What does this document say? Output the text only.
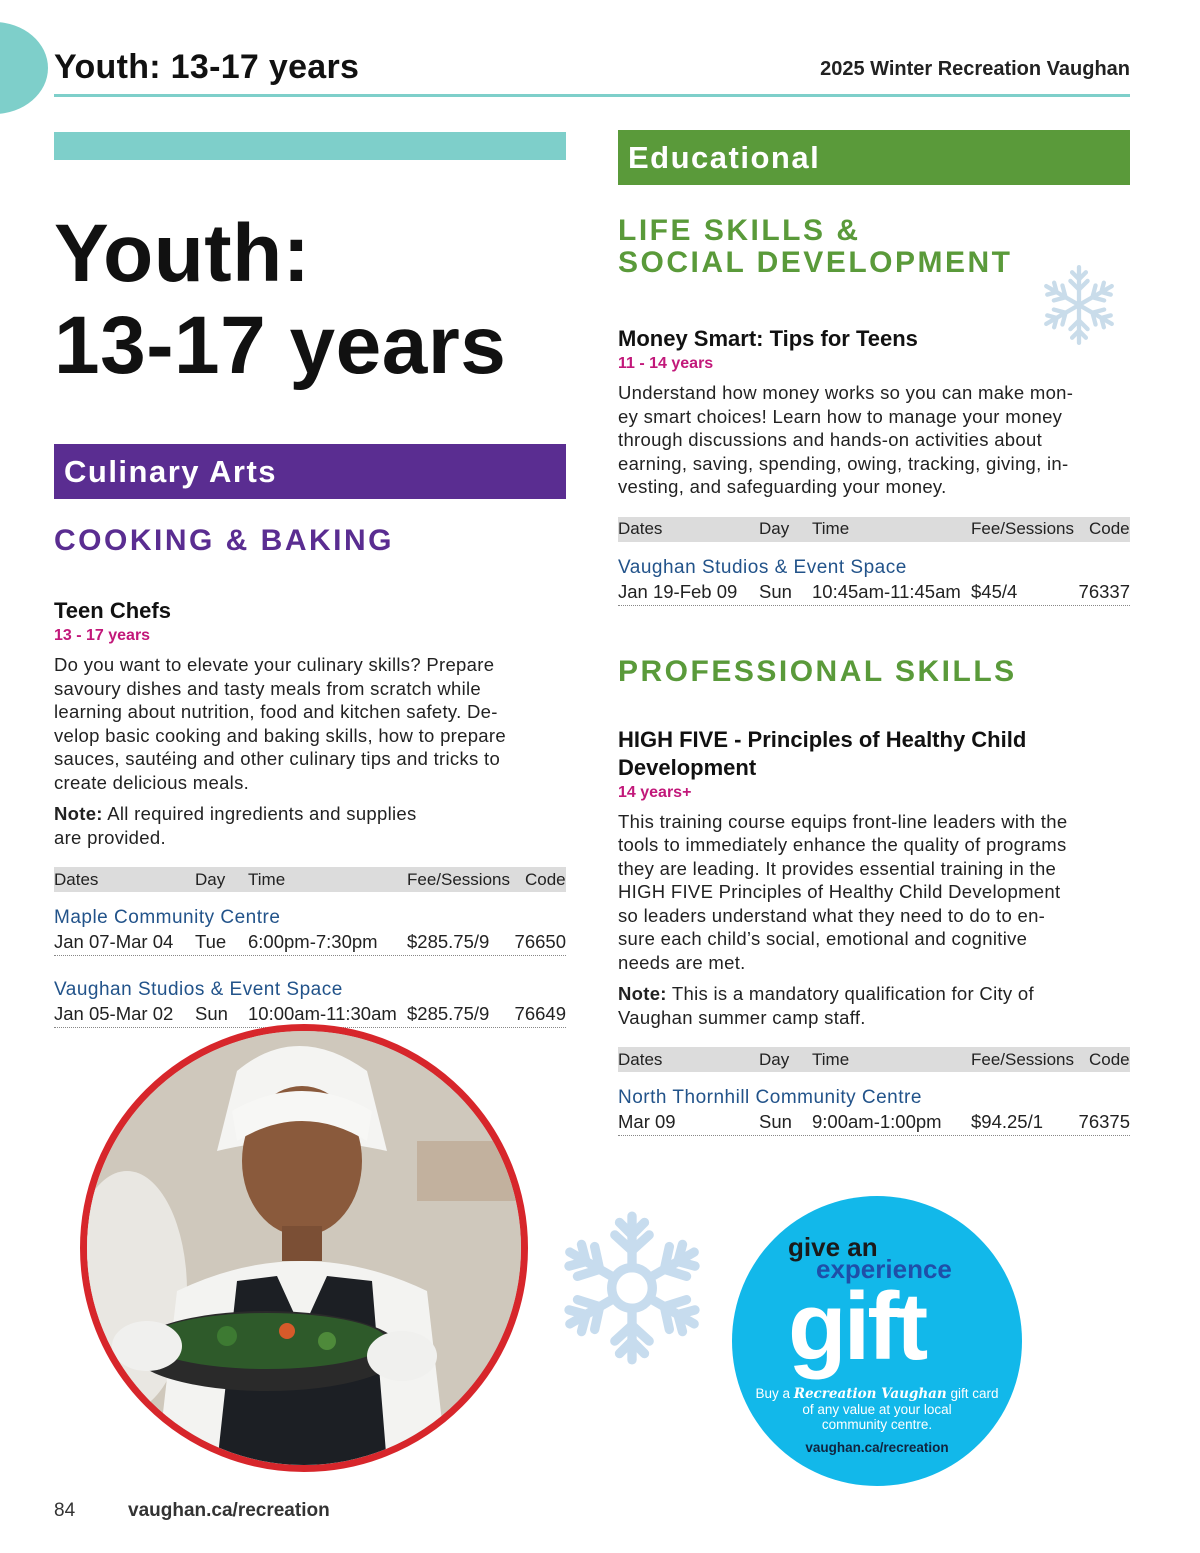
Youth: 13-17 years	2025 Winter Recreation Vaughan
Youth:
13-17 years
Culinary Arts
COOKING & BAKING
Teen Chefs
13 - 17 years
Do you want to elevate your culinary skills? Prepare
savoury dishes and tasty meals from scratch while
learning about nutrition, food and kitchen safety. De-
velop basic cooking and baking skills, how to prepare
sauces, sautéing and other culinary tips and tricks to
create delicious meals.
Note: All required ingredients and supplies
are provided.
Dates	Day	Time	Fee/Sessions	Code
Maple Community Centre
Jan 07-Mar 04	Tue	6:00pm-7:30pm	$285.75/9	76650
Vaughan Studios & Event Space
Jan 05-Mar 02	Sun	10:00am-11:30am $285.75/9	76649
Educational
LIFE SKILLS &
SOCIAL DEVELOPMENT
Money Smart: Tips for Teens
11 - 14 years
Understand how money works so you can make mon-
ey smart choices! Learn how to manage your money
through discussions and hands-on activities about
earning, saving, spending, owing, tracking, giving, in-
vesting, and safeguarding your money.
Dates	Day	Time	Fee/Sessions	Code
Vaughan Studios & Event Space
Jan 19-Feb 09	Sun	10:45am-11:45am $45/4	76337
PROFESSIONAL SKILLS
HIGH FIVE - Principles of Healthy Child
Development
14 years+
This training course equips front-line leaders with the
tools to immediately enhance the quality of programs
they are leading. It provides essential training in the
HIGH FIVE Principles of Healthy Child Development
so leaders understand what they need to do to en-
sure each child’s social, emotional and cognitive
needs are met.
Note: This is a mandatory qualification for City of
Vaughan summer camp staff.
Dates	Day	Time	Fee/Sessions	Code
North Thornhill Community Centre
Mar 09	Sun	9:00am-1:00pm	$94.25/1	76375
give an
experience
gift
Buy a Recreation Vaughan gift card
of any value at your local
community centre.
vaughan.ca/recreation
84	vaughan.ca/recreation
